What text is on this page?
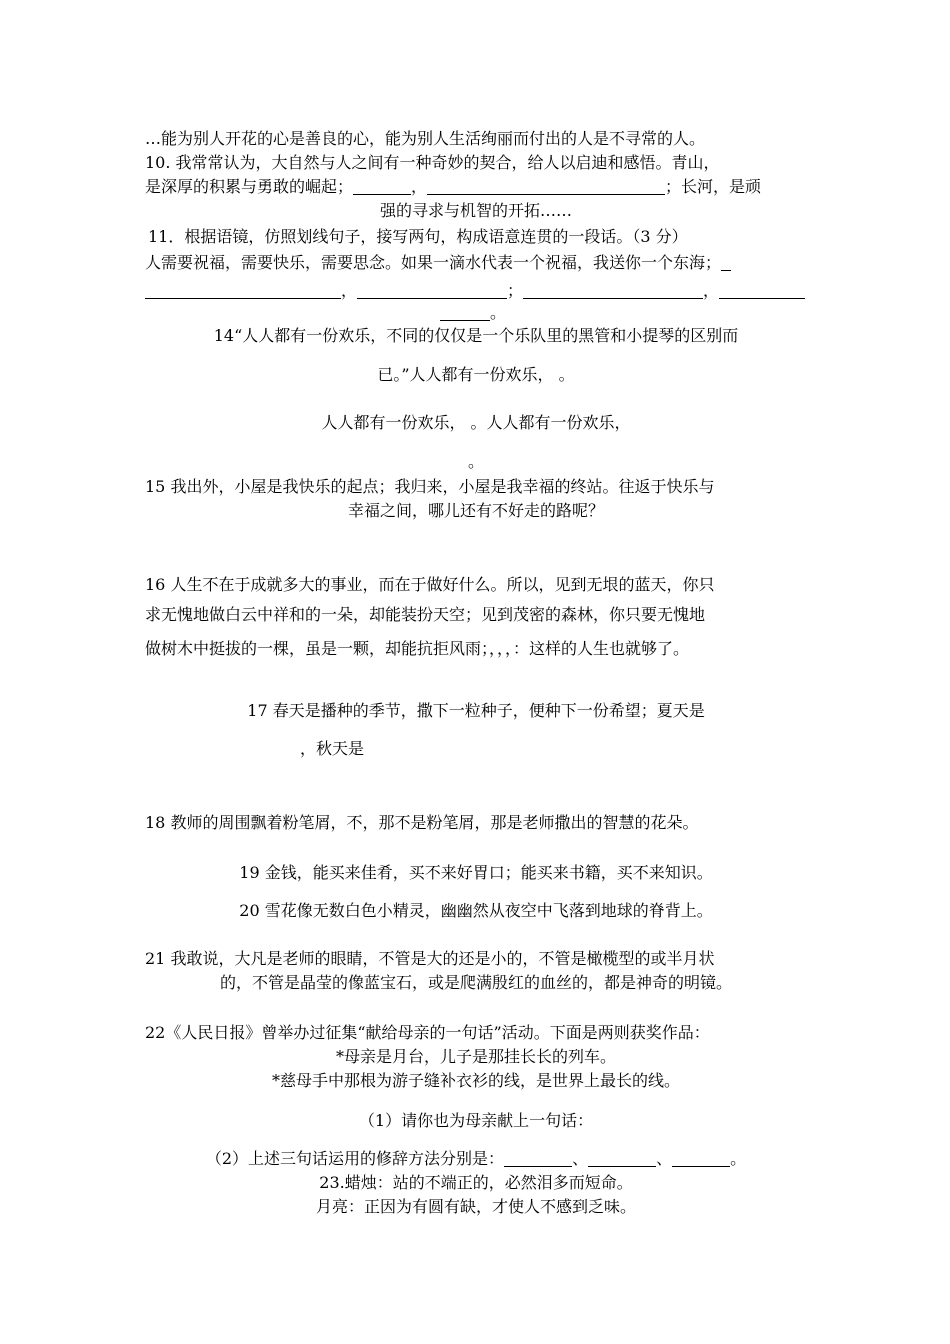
…能为别人开花的心是善良的心，能为别人生活绚丽而付出的人是不寻常的人。
10. 我常常认为，大自然与人之间有一种奇妙的契合，给人以启迪和感悟。青山，
是深厚的积累与勇敢的崛起；	，	；长河，是顽
强的寻求与机智的开拓……
11．根据语镜，仿照划线句子，接写两句，构成语意连贯的一段话。（3 分）
人需要祝福，需要快乐，需要思念。如果一滴水代表一个祝福，我送你一个东海；
，	；	，
。
14“人人都有一份欢乐，不同的仅仅是一个乐队里的黑管和小提琴的区别而
已。”人人都有一份欢乐， 。
人人都有一份欢乐， 。人人都有一份欢乐，
。
15 我出外，小屋是我快乐的起点；我归来，小屋是我幸福的终站。往返于快乐与
幸福之间，哪儿还有不好走的路呢？
16 人生不在于成就多大的事业，而在于做好什么。所以，见到无垠的蓝天，你只
求无愧地做白云中祥和的一朵，却能装扮天空；见到茂密的森林，你只要无愧地
做树木中挺拔的一棵，虽是一颗，却能抗拒风雨；，，，：这样的人生也就够了。
17 春天是播种的季节，撒下一粒种子，便种下一份希望；夏天是
，秋天是
18 教师的周围飘着粉笔屑，不，那不是粉笔屑，那是老师撒出的智慧的花朵。
19 金钱，能买来佳肴，买不来好胃口；能买来书籍，买不来知识。
20 雪花像无数白色小精灵，幽幽然从夜空中飞落到地球的脊背上。
21 我敢说，大凡是老师的眼睛，不管是大的还是小的，不管是橄榄型的或半月状
的，不管是晶莹的像蓝宝石，或是爬满殷红的血丝的，都是神奇的明镜。
22《人民日报》曾举办过征集“献给母亲的一句话”活动。下面是两则获奖作品：
*母亲是月台，儿子是那挂长长的列车。
*慈母手中那根为游子缝补衣衫的线，是世界上最长的线。
（1）请你也为母亲献上一句话：
（2）上述三句话运用的修辞方法分别是：	、	、	。
23.蜡烛：站的不端正的，必然泪多而短命。
月亮：正因为有圆有缺，才使人不感到乏味。
